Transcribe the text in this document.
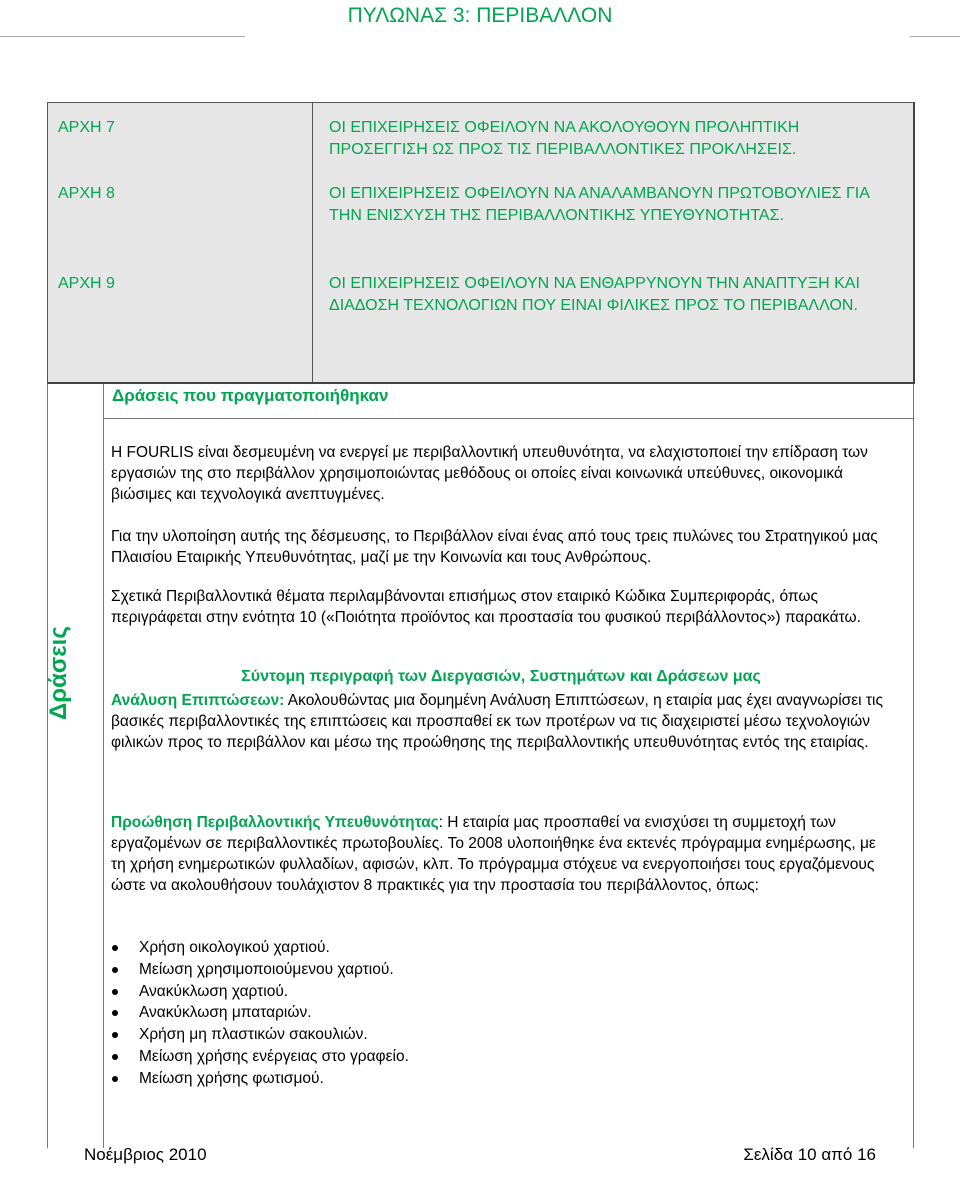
ΠΥΛΩΝΑΣ 3: ΠΕΡΙΒΑΛΛΟΝ
ΑΡΧΗ 7	ΟΙ ΕΠΙΧΕΙΡΗΣΕΙΣ ΟΦΕΙΛΟΥΝ ΝΑ ΑΚΟΛΟΥΘΟΥΝ ΠΡΟΛΗΠΤΙΚΗ ΠΡΟΣΕΓΓΙΣΗ ΩΣ ΠΡΟΣ ΤΙΣ ΠΕΡΙΒΑΛΛΟΝΤΙΚΕΣ ΠΡΟΚΛΗΣΕΙΣ.
ΑΡΧΗ 8	ΟΙ ΕΠΙΧΕΙΡΗΣΕΙΣ ΟΦΕΙΛΟΥΝ ΝΑ ΑΝΑΛΑΜΒΑΝΟΥΝ ΠΡΩΤΟΒΟΥΛΙΕΣ ΓΙΑ ΤΗΝ ΕΝΙΣΧΥΣΗ ΤΗΣ ΠΕΡΙΒΑΛΛΟΝΤΙΚΗΣ ΥΠΕΥΘΥΝΟΤΗΤΑΣ.
ΑΡΧΗ 9	ΟΙ ΕΠΙΧΕΙΡΗΣΕΙΣ ΟΦΕΙΛΟΥΝ ΝΑ ΕΝΘΑΡΡΥΝΟΥΝ ΤΗΝ ΑΝΑΠΤΥΞΗ ΚΑΙ ΔΙΑΔΟΣΗ ΤΕΧΝΟΛΟΓΙΩΝ ΠΟΥ ΕΙΝΑΙ ΦΙΛΙΚΕΣ ΠΡΟΣ ΤΟ ΠΕΡΙΒΑΛΛΟΝ.
Δράσεις
Δράσεις που πραγματοποιήθηκαν
Η FOURLIS είναι δεσμευμένη να ενεργεί με περιβαλλοντική υπευθυνότητα, να ελαχιστοποιεί την επίδραση των εργασιών της στο περιβάλλον χρησιμοποιώντας μεθόδους οι οποίες είναι κοινωνικά υπεύθυνες, οικονομικά βιώσιμες και τεχνολογικά ανεπτυγμένες.
Για την υλοποίηση αυτής της δέσμευσης, το Περιβάλλον είναι ένας από τους τρεις πυλώνες του Στρατηγικού μας Πλαισίου Εταιρικής Υπευθυνότητας, μαζί με την Κοινωνία και τους Ανθρώπους.
Σχετικά Περιβαλλοντικά θέματα περιλαμβάνονται επισήμως στον εταιρικό Κώδικα Συμπεριφοράς, όπως περιγράφεται στην ενότητα 10 («Ποιότητα προϊόντος και προστασία του φυσικού περιβάλλοντος») παρακάτω.
Σύντομη περιγραφή των Διεργασιών, Συστημάτων και Δράσεων μας
Ανάλυση Επιπτώσεων: Ακολουθώντας μια δομημένη Ανάλυση Επιπτώσεων, η εταιρία μας έχει αναγνωρίσει τις βασικές περιβαλλοντικές της επιπτώσεις και προσπαθεί εκ των προτέρων να τις διαχειριστεί μέσω τεχνολογιών φιλικών προς το περιβάλλον και μέσω της προώθησης της περιβαλλοντικής υπευθυνότητας εντός της εταιρίας.
Προώθηση Περιβαλλοντικής Υπευθυνότητας: Η εταιρία μας προσπαθεί να ενισχύσει τη συμμετοχή των εργαζομένων σε περιβαλλοντικές πρωτοβουλίες. Το 2008 υλοποιήθηκε ένα εκτενές πρόγραμμα ενημέρωσης, με τη χρήση ενημερωτικών φυλλαδίων, αφισών, κλπ. Το πρόγραμμα στόχευε να ενεργοποιήσει τους εργαζόμενους ώστε να ακολουθήσουν τουλάχιστον 8 πρακτικές για την προστασία του περιβάλλοντος, όπως:
Χρήση οικολογικού χαρτιού.
Μείωση χρησιμοποιούμενου χαρτιού.
Ανακύκλωση χαρτιού.
Ανακύκλωση μπαταριών.
Χρήση μη πλαστικών σακουλιών.
Μείωση χρήσης ενέργειας στο γραφείο.
Μείωση χρήσης φωτισμού.
Νοέμβριος 2010	Σελίδα 10 από 16
